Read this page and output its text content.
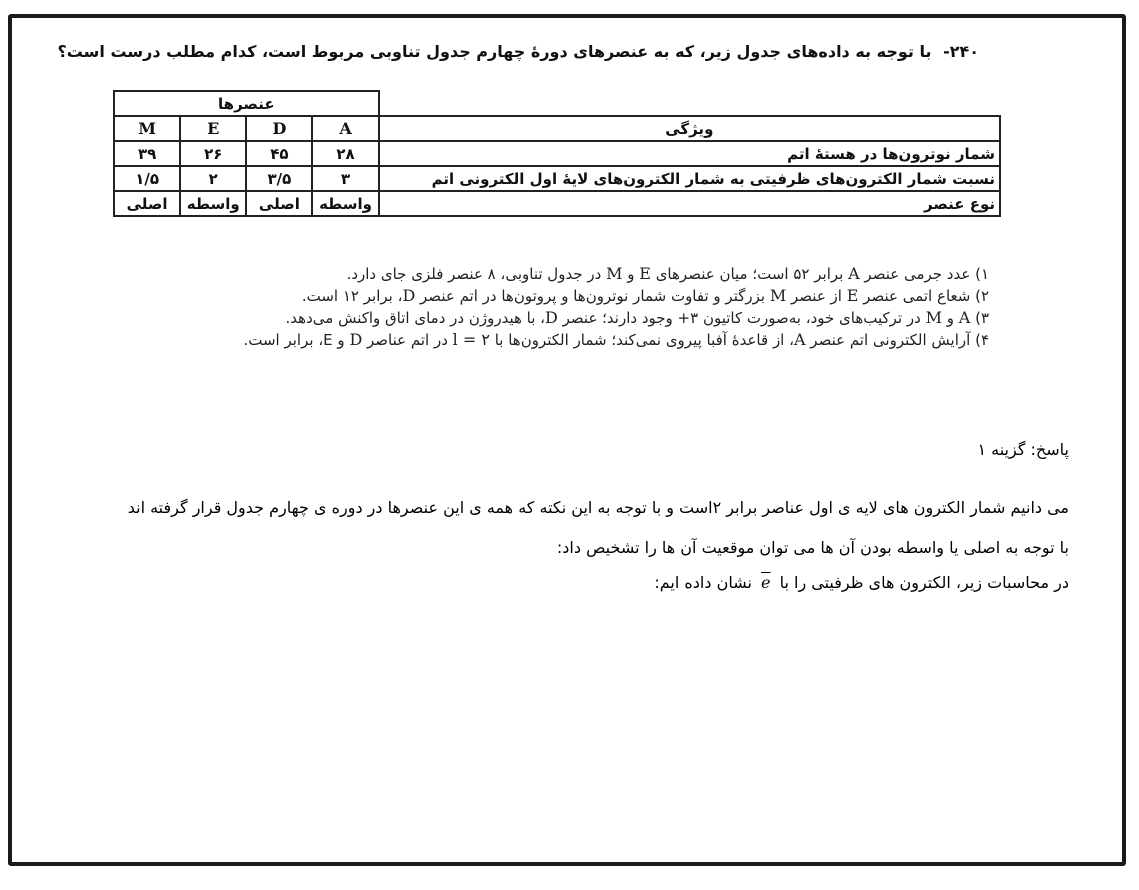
۲۴۰- با توجه به داده‌های جدول زیر، که به عنصرهای دورهٔ چهارم جدول تناوبی مربوط است، کدام مطلب درست است؟
	عنصرها			
ویژگی	A	D	E	M
شمار نوترون‌ها در هستهٔ اتم	۲۸	۴۵	۲۶	۳۹
نسبت شمار الکترون‌های ظرفیتی به شمار الکترون‌های لایهٔ اول الکترونی اتم	۳	۳/۵	۲	۱/۵
نوع عنصر	واسطه	اصلی	واسطه	اصلی
۱) عدد جرمی عنصر A برابر ۵۲ است؛ میان عنصرهای E و M در جدول تناوبی، ۸ عنصر فلزی جای دارد.
۲) شعاع اتمی عنصر E از عنصر M بزرگتر و تفاوت شمار نوترون‌ها و پروتون‌ها در اتم عنصر D، برابر ۱۲ است.
۳) A و M در ترکیب‌های خود، به‌صورت کاتیون ۳+ وجود دارند؛ عنصر D، با هیدروژن در دمای اتاق واکنش می‌دهد.
۴) آرایش الکترونی اتم عنصر A، از قاعدهٔ آفبا پیروی نمی‌کند؛ شمار الکترون‌ها با l = ۲ در اتم عناصر D و E، برابر است.
پاسخ: گزینه ۱
می دانیم شمار الکترون های لایه ی اول عناصر برابر ۲است و با توجه به این نکته که همه ی این عنصرها در دوره ی چهارم جدول قرار گرفته اند با توجه به اصلی یا واسطه بودن آن ها می توان موقعیت آن ها را تشخیص داد:
در محاسبات زیر، الکترون های ظرفیتی را با e نشان داده ایم:
